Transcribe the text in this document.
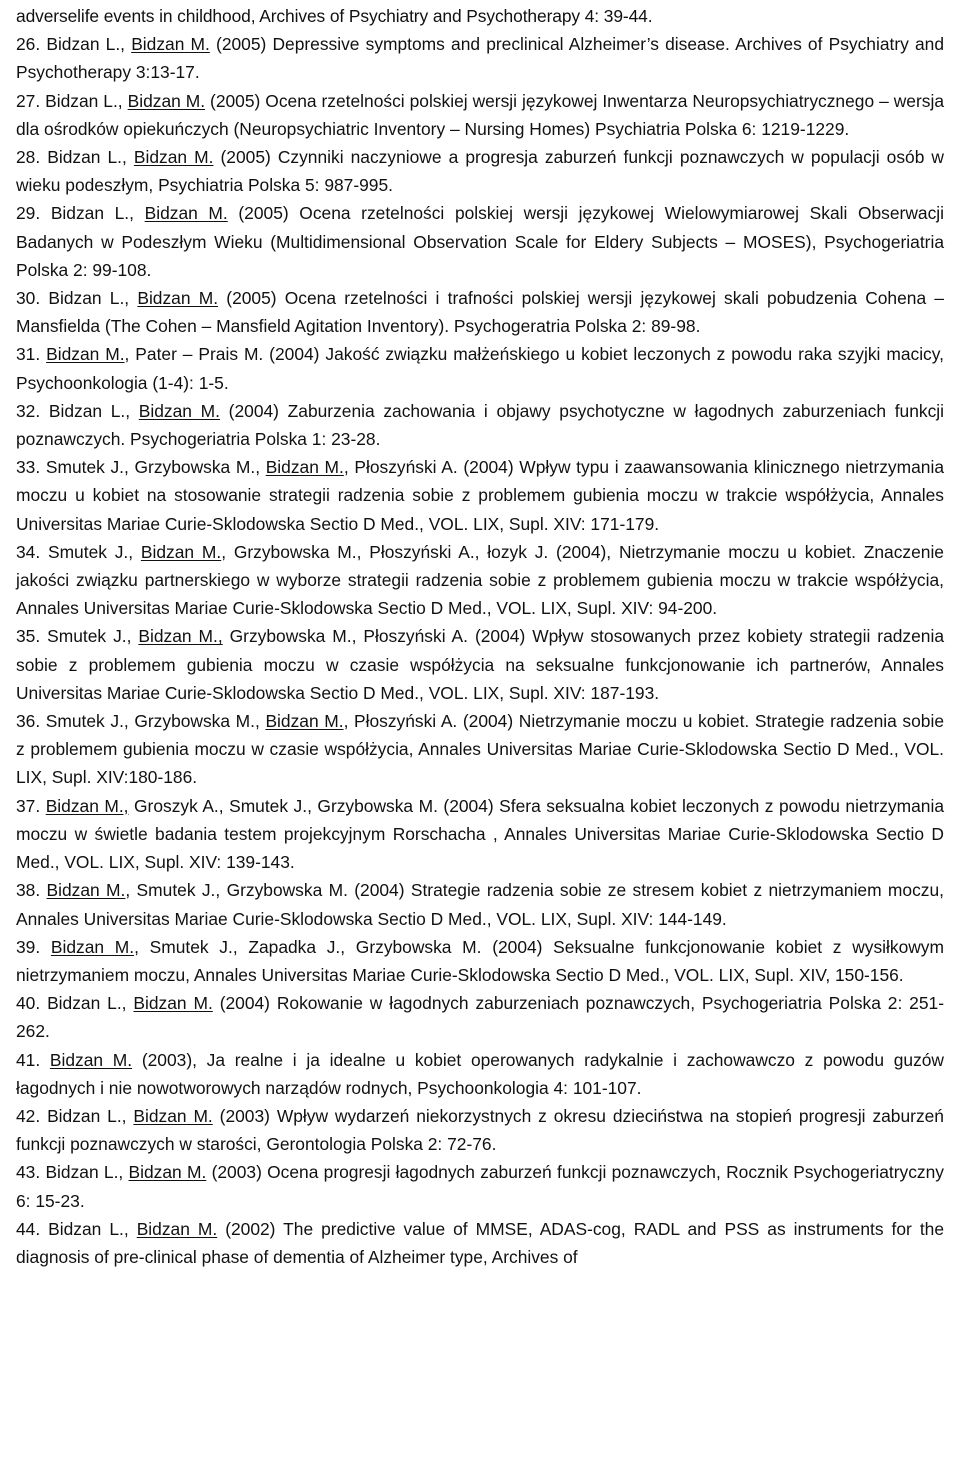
adverselife events in childhood, Archives of Psychiatry and Psychotherapy 4: 39-44.

26. Bidzan L., Bidzan M. (2005) Depressive symptoms and preclinical Alzheimer’s disease. Archives of Psychiatry and Psychotherapy 3:13-17.

27. Bidzan L., Bidzan M. (2005) Ocena rzetelności polskiej wersji językowej Inwentarza Neuropsychiatrycznego – wersja dla ośrodków opiekuńczych (Neuropsychiatric Inventory – Nursing Homes) Psychiatria Polska 6: 1219-1229.

28. Bidzan L., Bidzan M. (2005) Czynniki naczyniowe a progresja zaburzeń funkcji poznawczych w populacji osób w wieku podeszłym, Psychiatria Polska 5: 987-995.

29. Bidzan L., Bidzan M. (2005) Ocena rzetelności polskiej wersji językowej Wielowymiarowej Skali Obserwacji Badanych w Podeszłym Wieku (Multidimensional Observation Scale for Eldery Subjects – MOSES), Psychogeriatria Polska 2: 99-108.

30. Bidzan L., Bidzan M. (2005) Ocena rzetelności i trafności polskiej wersji językowej skali pobudzenia Cohena – Mansfielda (The Cohen – Mansfield Agitation Inventory). Psychogeratria Polska 2: 89-98.

31. Bidzan M., Pater – Prais M. (2004) Jakość związku małżeńskiego u kobiet leczonych z powodu raka szyjki macicy, Psychoonkologia (1-4): 1-5.

32. Bidzan L., Bidzan M. (2004) Zaburzenia zachowania i objawy psychotyczne w łagodnych zaburzeniach funkcji poznawczych. Psychogeriatria Polska 1: 23-28.

33. Smutek J., Grzybowska M., Bidzan M., Płoszyński A. (2004) Wpływ typu i zaawansowania klinicznego nietrzymania moczu u kobiet na stosowanie strategii radzenia sobie z problemem gubienia moczu w trakcie współżycia, Annales Universitas Mariae Curie-Sklodowska Sectio D Med., VOL. LIX, Supl. XIV: 171-179.

34. Smutek J., Bidzan M., Grzybowska M., Płoszyński A., łozyk J. (2004), Nietrzymanie moczu u kobiet. Znaczenie jakości związku partnerskiego w wyborze strategii radzenia sobie z problemem gubienia moczu w trakcie współżycia, Annales Universitas Mariae Curie-Sklodowska Sectio D Med., VOL. LIX, Supl. XIV: 94-200.

35. Smutek J., Bidzan M., Grzybowska M., Płoszyński A. (2004) Wpływ stosowanych przez kobiety strategii radzenia sobie z problemem gubienia moczu w czasie współżycia na seksualne funkcjonowanie ich partnerów, Annales Universitas Mariae Curie-Sklodowska Sectio D Med., VOL. LIX, Supl. XIV: 187-193.

36. Smutek J., Grzybowska M., Bidzan M., Płoszyński A. (2004) Nietrzymanie moczu u kobiet. Strategie radzenia sobie z problemem gubienia moczu w czasie współżycia, Annales Universitas Mariae Curie-Sklodowska Sectio D Med., VOL. LIX, Supl. XIV:180-186.

37. Bidzan M., Groszyk A., Smutek J., Grzybowska M. (2004) Sfera seksualna kobiet leczonych z powodu nietrzymania moczu w świetle badania testem projekcyjnym Rorschacha , Annales Universitas Mariae Curie-Sklodowska Sectio D Med., VOL. LIX, Supl. XIV: 139-143.

38. Bidzan M., Smutek J., Grzybowska M. (2004) Strategie radzenia sobie ze stresem kobiet z nietrzymaniem moczu, Annales Universitas Mariae Curie-Sklodowska Sectio D Med., VOL. LIX, Supl. XIV: 144-149.

39. Bidzan M., Smutek J., Zapadka J., Grzybowska M. (2004) Seksualne funkcjonowanie kobiet z wysiłkowym nietrzymaniem moczu, Annales Universitas Mariae Curie-Sklodowska Sectio D Med., VOL. LIX, Supl. XIV, 150-156.

40. Bidzan L., Bidzan M. (2004) Rokowanie w łagodnych zaburzeniach poznawczych, Psychogeriatria Polska 2: 251-262.

41. Bidzan M. (2003), Ja realne i ja idealne u kobiet operowanych radykalnie i zachowawczo z powodu guzów łagodnych i nie nowotworowych narządów rodnych, Psychoonkologia 4: 101-107.

42. Bidzan L., Bidzan M. (2003) Wpływ wydarzeń niekorzystnych z okresu dzieciństwa na stopień progresji zaburzeń funkcji poznawczych w starości, Gerontologia Polska 2: 72-76.

43. Bidzan L., Bidzan M. (2003) Ocena progresji łagodnych zaburzeń funkcji poznawczych, Rocznik Psychogeriatryczny 6: 15-23.

44. Bidzan L., Bidzan M. (2002) The predictive value of MMSE, ADAS-cog, RADL and PSS as instruments for the diagnosis of pre-clinical phase of dementia of Alzheimer type, Archives of
